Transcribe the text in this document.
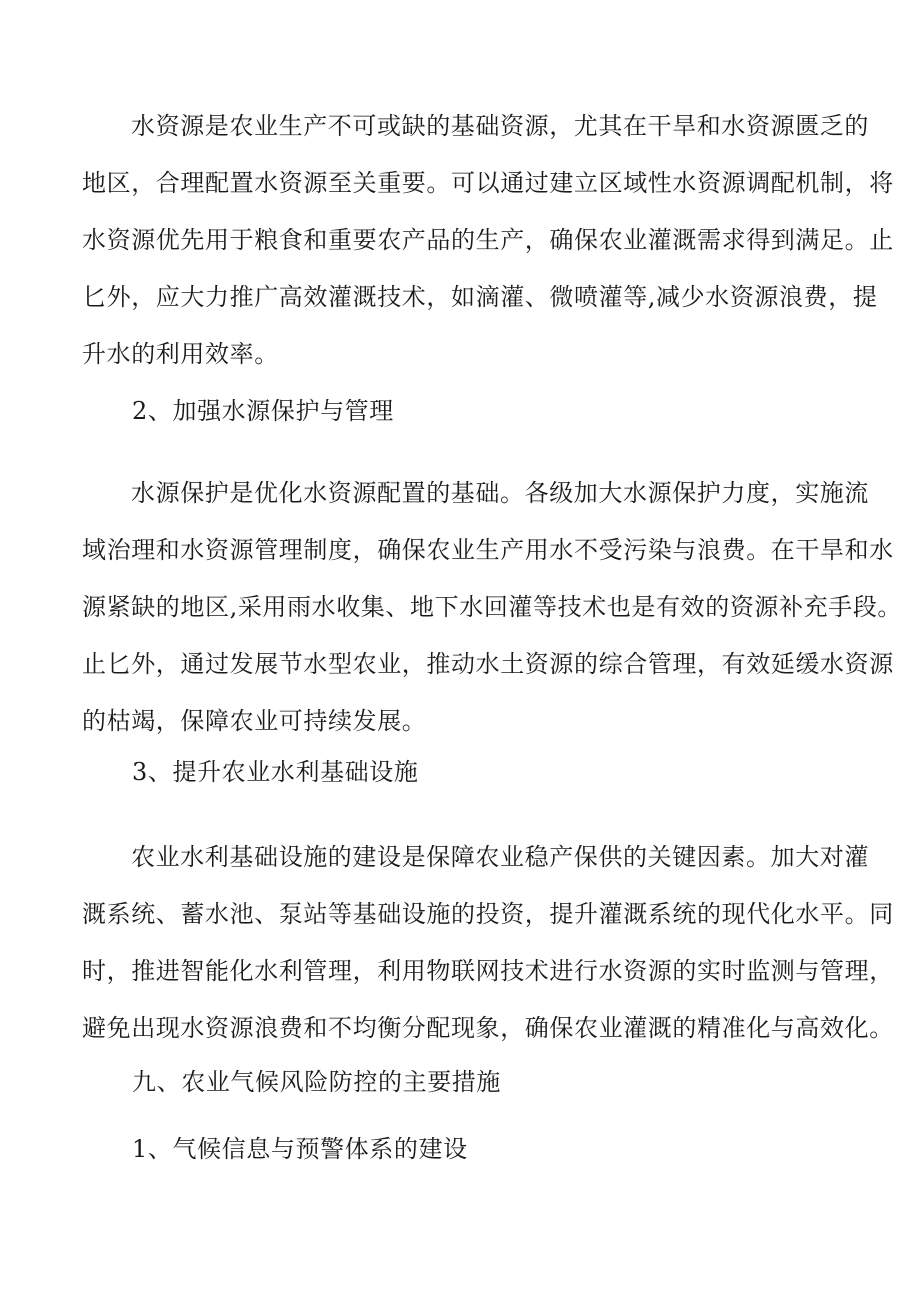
水资源是农业生产不可或缺的基础资源，尤其在干旱和水资源匮乏的
地区，合理配置水资源至关重要。可以通过建立区域性水资源调配机制，将
水资源优先用于粮食和重要农产品的生产，确保农业灌溉需求得到满足。止
匕外，应大力推广高效灌溉技术，如滴灌、微喷灌等,减少水资源浪费，提
升水的利用效率。

2、加强水源保护与管理

水源保护是优化水资源配置的基础。各级加大水源保护力度，实施流
域治理和水资源管理制度，确保农业生产用水不受污染与浪费。在干旱和水
源紧缺的地区,采用雨水收集、地下水回灌等技术也是有效的资源补充手段。
止匕外，通过发展节水型农业，推动水土资源的综合管理，有效延缓水资源
的枯竭，保障农业可持续发展。

3、提升农业水利基础设施

农业水利基础设施的建设是保障农业稳产保供的关键因素。加大对灌
溉系统、蓄水池、泵站等基础设施的投资，提升灌溉系统的现代化水平。同
时，推进智能化水利管理，利用物联网技术进行水资源的实时监测与管理，
避免出现水资源浪费和不均衡分配现象，确保农业灌溉的精准化与高效化。

九、农业气候风险防控的主要措施
1、气候信息与预警体系的建设
